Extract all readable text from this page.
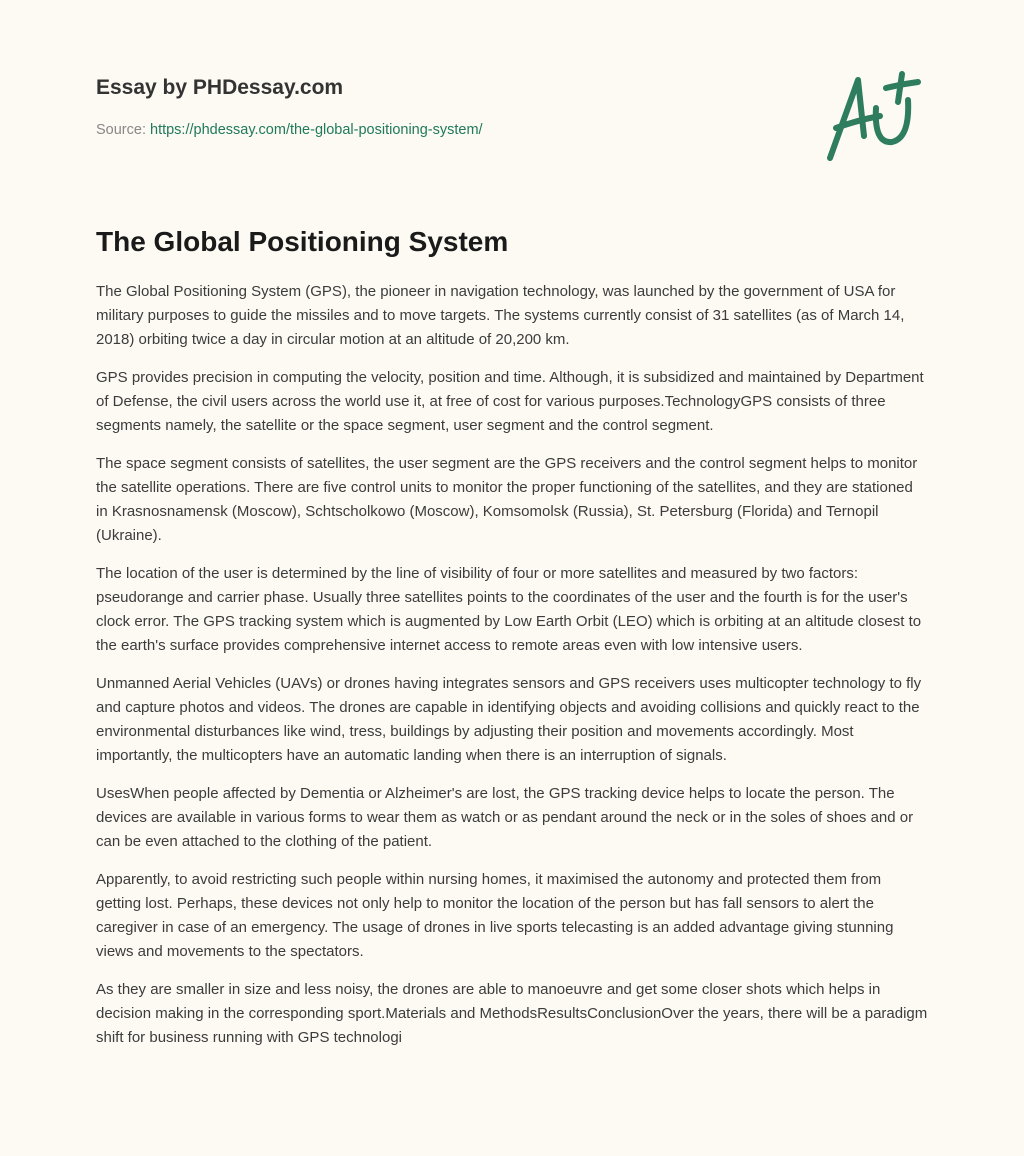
Essay by PHDessay.com
Source: https://phdessay.com/the-global-positioning-system/
The Global Positioning System

The Global Positioning System (GPS), the pioneer in navigation technology, was launched by the government of USA for military purposes to guide the missiles and to move targets. The systems currently consist of 31 satellites (as of March 14, 2018) orbiting twice a day in circular motion at an altitude of 20,200 km.

GPS provides precision in computing the velocity, position and time. Although, it is subsidized and maintained by Department of Defense, the civil users across the world use it, at free of cost for various purposes.TechnologyGPS consists of three segments namely, the satellite or the space segment, user segment and the control segment.

The space segment consists of satellites, the user segment are the GPS receivers and the control segment helps to monitor the satellite operations. There are five control units to monitor the proper functioning of the satellites, and they are stationed in Krasnosnamensk (Moscow), Schtscholkowo (Moscow), Komsomolsk (Russia), St. Petersburg (Florida) and Ternopil (Ukraine).

The location of the user is determined by the line of visibility of four or more satellites and measured by two factors: pseudorange and carrier phase. Usually three satellites points to the coordinates of the user and the fourth is for the user's clock error. The GPS tracking system which is augmented by Low Earth Orbit (LEO) which is orbiting at an altitude closest to the earth's surface provides comprehensive internet access to remote areas even with low intensive users.

Unmanned Aerial Vehicles (UAVs) or drones having integrates sensors and GPS receivers uses multicopter technology to fly and capture photos and videos. The drones are capable in identifying objects and avoiding collisions and quickly react to the environmental disturbances like wind, tress, buildings by adjusting their position and movements accordingly. Most importantly, the multicopters have an automatic landing when there is an interruption of signals.

UsesWhen people affected by Dementia or Alzheimer's are lost, the GPS tracking device helps to locate the person. The devices are available in various forms to wear them as watch or as pendant around the neck or in the soles of shoes and or can be even attached to the clothing of the patient.

Apparently, to avoid restricting such people within nursing homes, it maximised the autonomy and protected them from getting lost. Perhaps, these devices not only help to monitor the location of the person but has fall sensors to alert the caregiver in case of an emergency. The usage of drones in live sports telecasting is an added advantage giving stunning views and movements to the spectators.

As they are smaller in size and less noisy, the drones are able to manoeuvre and get some closer shots which helps in decision making in the corresponding sport.Materials and MethodsResultsConclusionOver the years, there will be a paradigm shift for business running with GPS technologi
